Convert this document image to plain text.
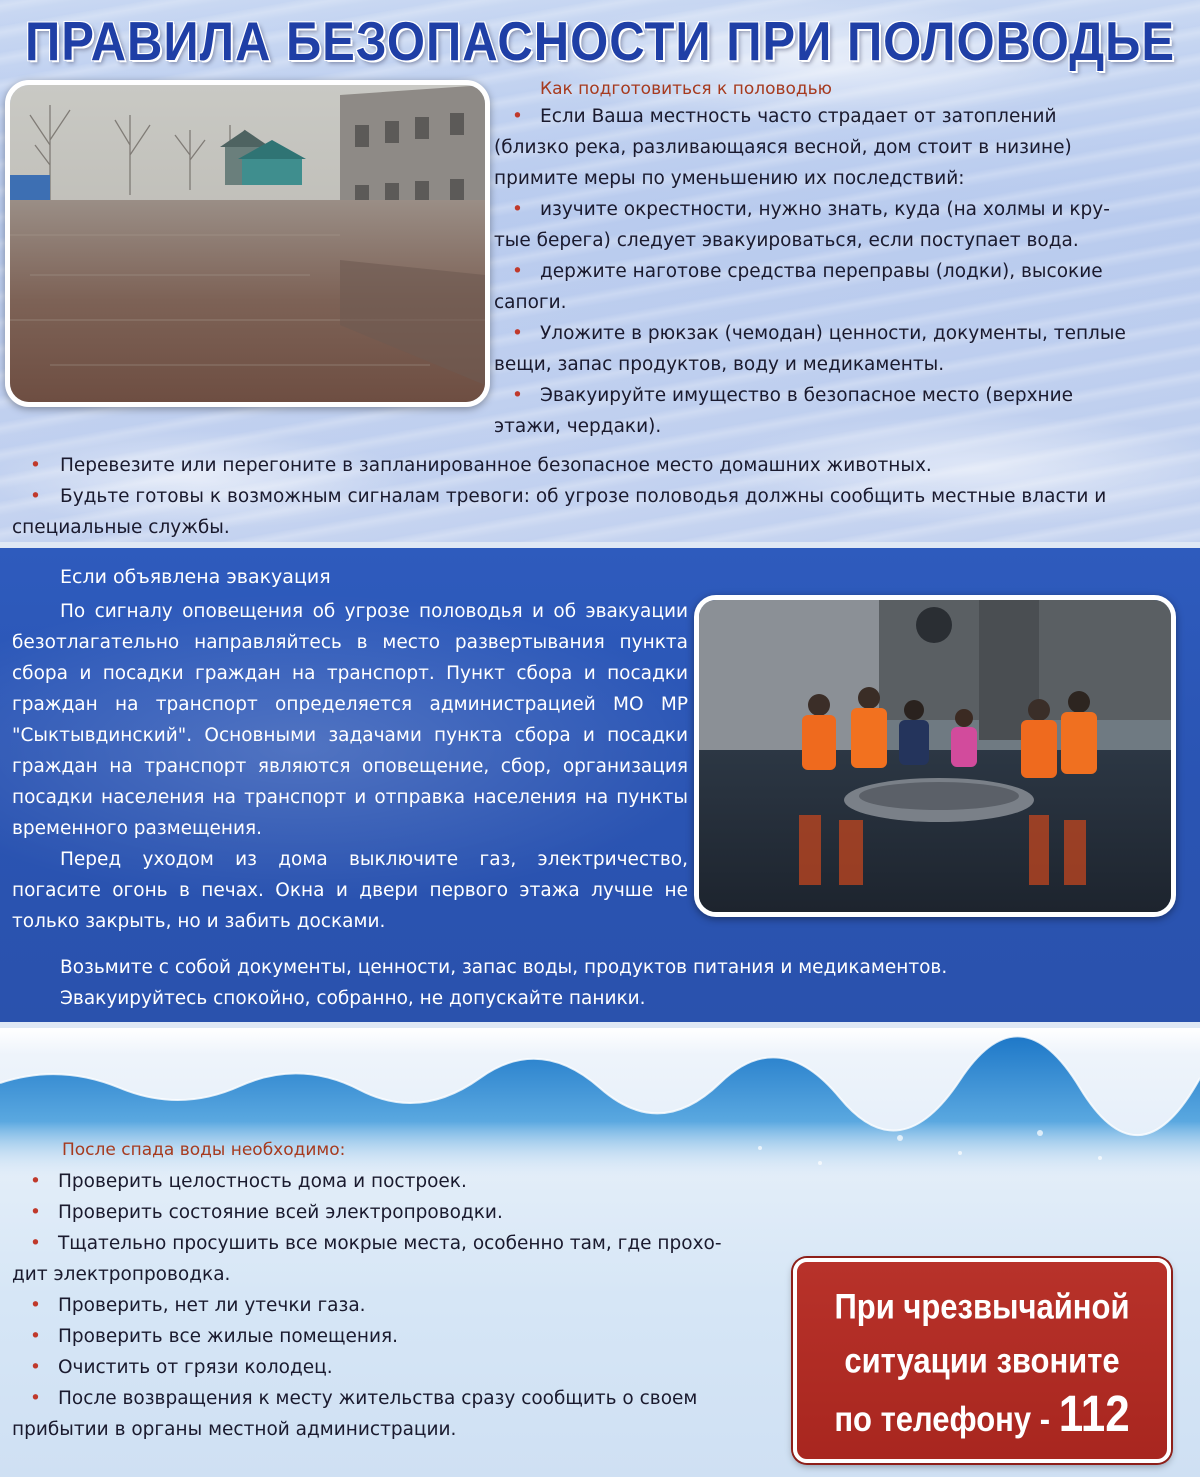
ПРАВИЛА БЕЗОПАСНОСТИ ПРИ ПОЛОВОДЬЕ
Как подготовиться к половодью
• Если Ваша местность часто страдает от затоплений
(близко река, разливающаяся весной, дом стоит в низине)
примите меры по уменьшению их последствий:
• изучите окрестности, нужно знать, куда (на холмы и кру-
тые берега) следует эвакуироваться, если поступает вода.
• держите наготове средства переправы (лодки), высокие
сапоги.
• Уложите в рюкзак (чемодан) ценности, документы, теплые
вещи, запас продуктов, воду и медикаменты.
• Эвакуируйте имущество в безопасное место (верхние
этажи, чердаки).
• Перевезите или перегоните в запланированное безопасное место домашних животных.
• Будьте готовы к возможным сигналам тревоги: об угрозе половодья должны сообщить местные власти и
специальные службы.
Если объявлена эвакуация

По сигналу оповещения об угрозе половодья и об эвакуации безотлагательно направляйтесь в место развертывания пункта сбора и посадки граждан на транспорт. Пункт сбора и посадки граждан на транспорт определяется администрацией МО МР "Сыктывдинский". Основными задачами пункта сбора и посадки граждан на транспорт являются оповещение, сбор, организация посадки населения на транспорт и отправка населения на пункты временного размещения.

Перед уходом из дома выключите газ, электричество, погасите огонь в печах. Окна и двери первого этажа лучше не только закрыть, но и забить досками.

Возьмите с собой документы, ценности, запас воды, продуктов питания и медикаментов.

Эвакуируйтесь спокойно, собранно, не допускайте паники.

После спада воды необходимо:
• Проверить целостность дома и построек.
• Проверить состояние всей электропроводки.
• Тщательно просушить все мокрые места, особенно там, где прохо-
дит электропроводка.
• Проверить, нет ли утечки газа.
• Проверить все жилые помещения.
• Очистить от грязи колодец.
• После возвращения к месту жительства сразу сообщить о своем
прибытии в органы местной администрации.
При чрезвычайной
ситуации звоните
по телефону - 112
